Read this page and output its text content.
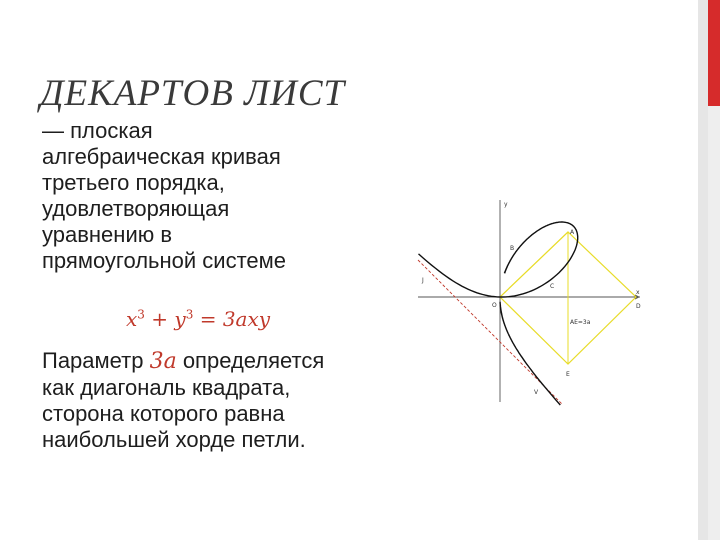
ДЕКАРТОВ ЛИСТ
— плоская
алгебраическая кривая
третьего порядка,
удовлетворяющая
уравнению в
прямоугольной системе
$x^3 + y^3 = 3axy$
Параметр 3a определяется
как диагональ квадрата,
сторона которого равна
наибольшей хорде петли.
y
x
A
B
C
D
E
O
J
V
AE=3a
